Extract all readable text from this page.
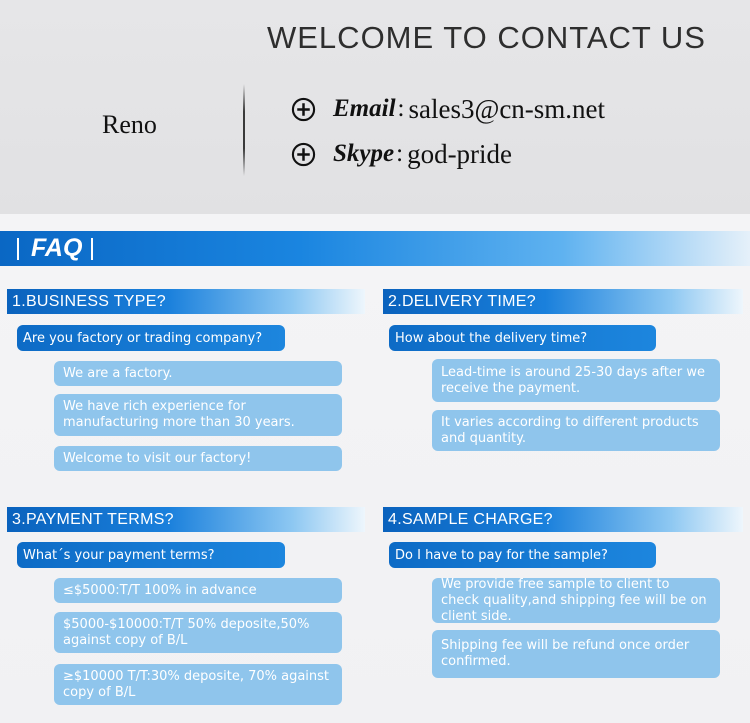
WELCOME TO CONTACT US
Reno
Email : sales3@cn-sm.net
Skype : god-pride
FAQ
1.BUSINESS TYPE?
Are you factory or trading company?
We are a factory.
We have rich experience for manufacturing more than 30 years.
Welcome to visit our factory!
2.DELIVERY TIME?
How about the delivery time?
Lead-time is around 25-30 days after we receive the payment.
It varies according to different products and quantity.
3.PAYMENT TERMS?
What´s your payment terms?
≤$5000:T/T 100% in advance
$5000-$10000:T/T 50% deposite,50% against copy of B/L
≥$10000 T/T:30% deposite, 70% against copy of B/L
4.SAMPLE CHARGE?
Do I have to pay for the sample?
We provide free sample to client to check quality,and shipping fee will be on client side.
Shipping fee will be refund once order confirmed.
